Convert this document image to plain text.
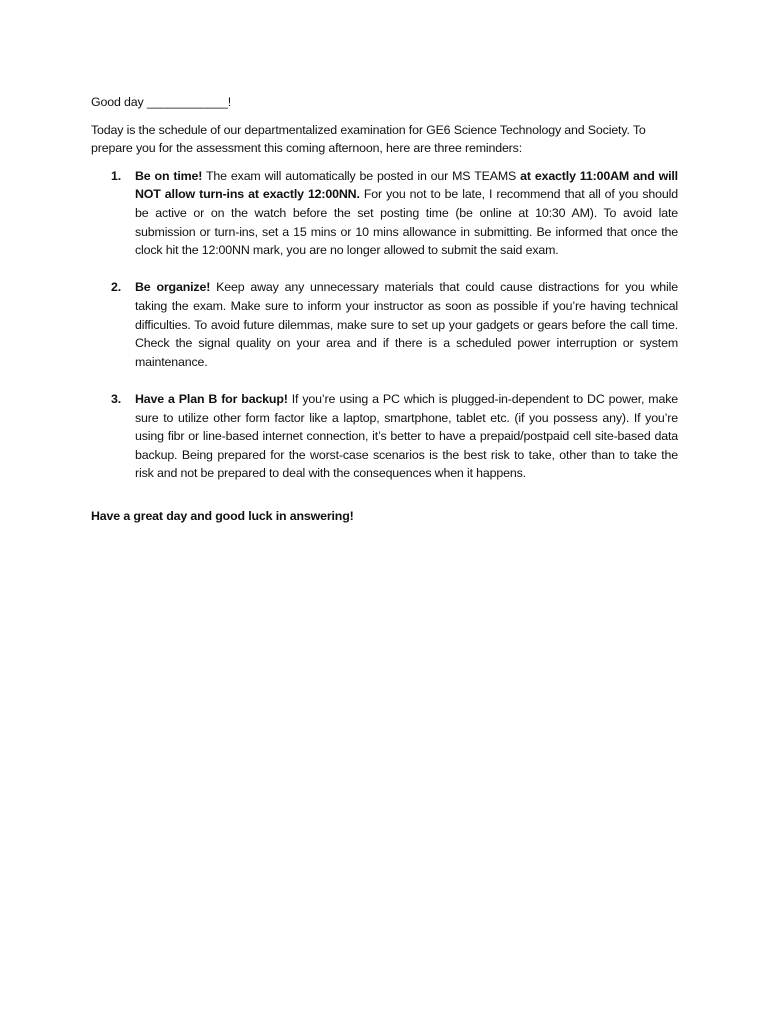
Good day ____________!

Today is the schedule of our departmentalized examination for GE6 Science Technology and Society. To prepare you for the assessment this coming afternoon, here are three reminders:

1. Be on time! The exam will automatically be posted in our MS TEAMS at exactly 11:00AM and will NOT allow turn-ins at exactly 12:00NN. For you not to be late, I recommend that all of you should be active or on the watch before the set posting time (be online at 10:30 AM). To avoid late submission or turn-ins, set a 15 mins or 10 mins allowance in submitting. Be informed that once the clock hit the 12:00NN mark, you are no longer allowed to submit the said exam.
2. Be organize! Keep away any unnecessary materials that could cause distractions for you while taking the exam. Make sure to inform your instructor as soon as possible if you’re having technical difficulties. To avoid future dilemmas, make sure to set up your gadgets or gears before the call time. Check the signal quality on your area and if there is a scheduled power interruption or system maintenance.
3. Have a Plan B for backup! If you’re using a PC which is plugged-in-dependent to DC power, make sure to utilize other form factor like a laptop, smartphone, tablet etc. (if you possess any). If you’re using fibr or line-based internet connection, it’s better to have a prepaid/postpaid cell site-based data backup. Being prepared for the worst-case scenarios is the best risk to take, other than to take the risk and not be prepared to deal with the consequences when it happens.

Have a great day and good luck in answering!
